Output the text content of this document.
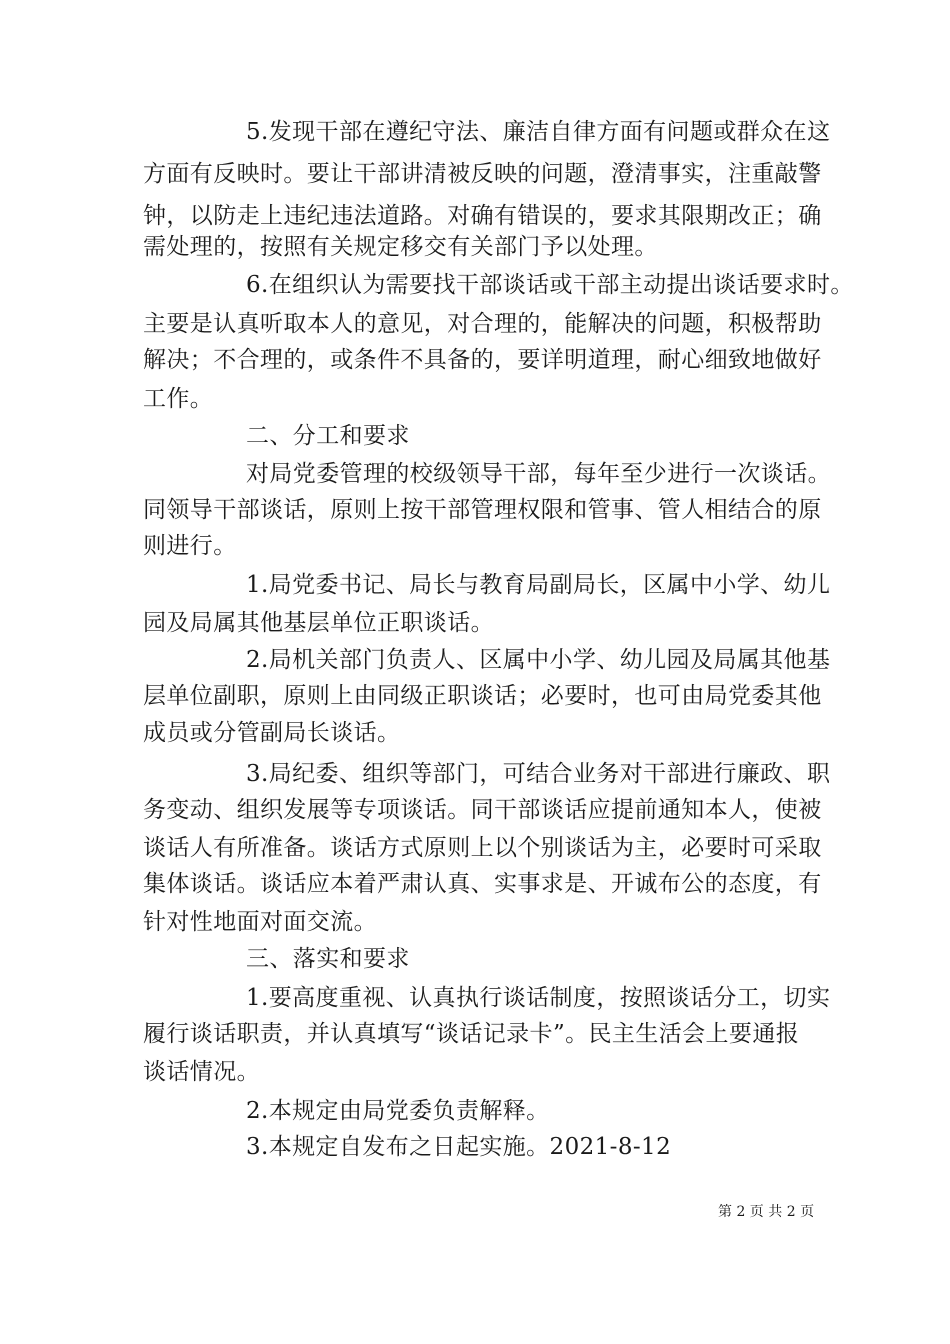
5.发现干部在遵纪守法、廉洁自律方面有问题或群众在这
方面有反映时。要让干部讲清被反映的问题，澄清事实，注重敲警
钟，以防走上违纪违法道路。对确有错误的，要求其限期改正；确
需处理的，按照有关规定移交有关部门予以处理。
6.在组织认为需要找干部谈话或干部主动提出谈话要求时。
主要是认真听取本人的意见，对合理的，能解决的问题，积极帮助
解决；不合理的，或条件不具备的，要详明道理，耐心细致地做好
工作。
二、分工和要求
对局党委管理的校级领导干部，每年至少进行一次谈话。
同领导干部谈话，原则上按干部管理权限和管事、管人相结合的原
则进行。
1.局党委书记、局长与教育局副局长，区属中小学、幼儿
园及局属其他基层单位正职谈话。
2.局机关部门负责人、区属中小学、幼儿园及局属其他基
层单位副职，原则上由同级正职谈话；必要时，也可由局党委其他
成员或分管副局长谈话。
3.局纪委、组织等部门，可结合业务对干部进行廉政、职
务变动、组织发展等专项谈话。同干部谈话应提前通知本人，使被
谈话人有所准备。谈话方式原则上以个别谈话为主，必要时可采取
集体谈话。谈话应本着严肃认真、实事求是、开诚布公的态度，有
针对性地面对面交流。
三、落实和要求
1.要高度重视、认真执行谈话制度，按照谈话分工，切实
履行谈话职责，并认真填写“谈话记录卡”。民主生活会上要通报
谈话情况。
2.本规定由局党委负责解释。
3.本规定自发布之日起实施。2021-8-12
第 2 页 共 2 页
